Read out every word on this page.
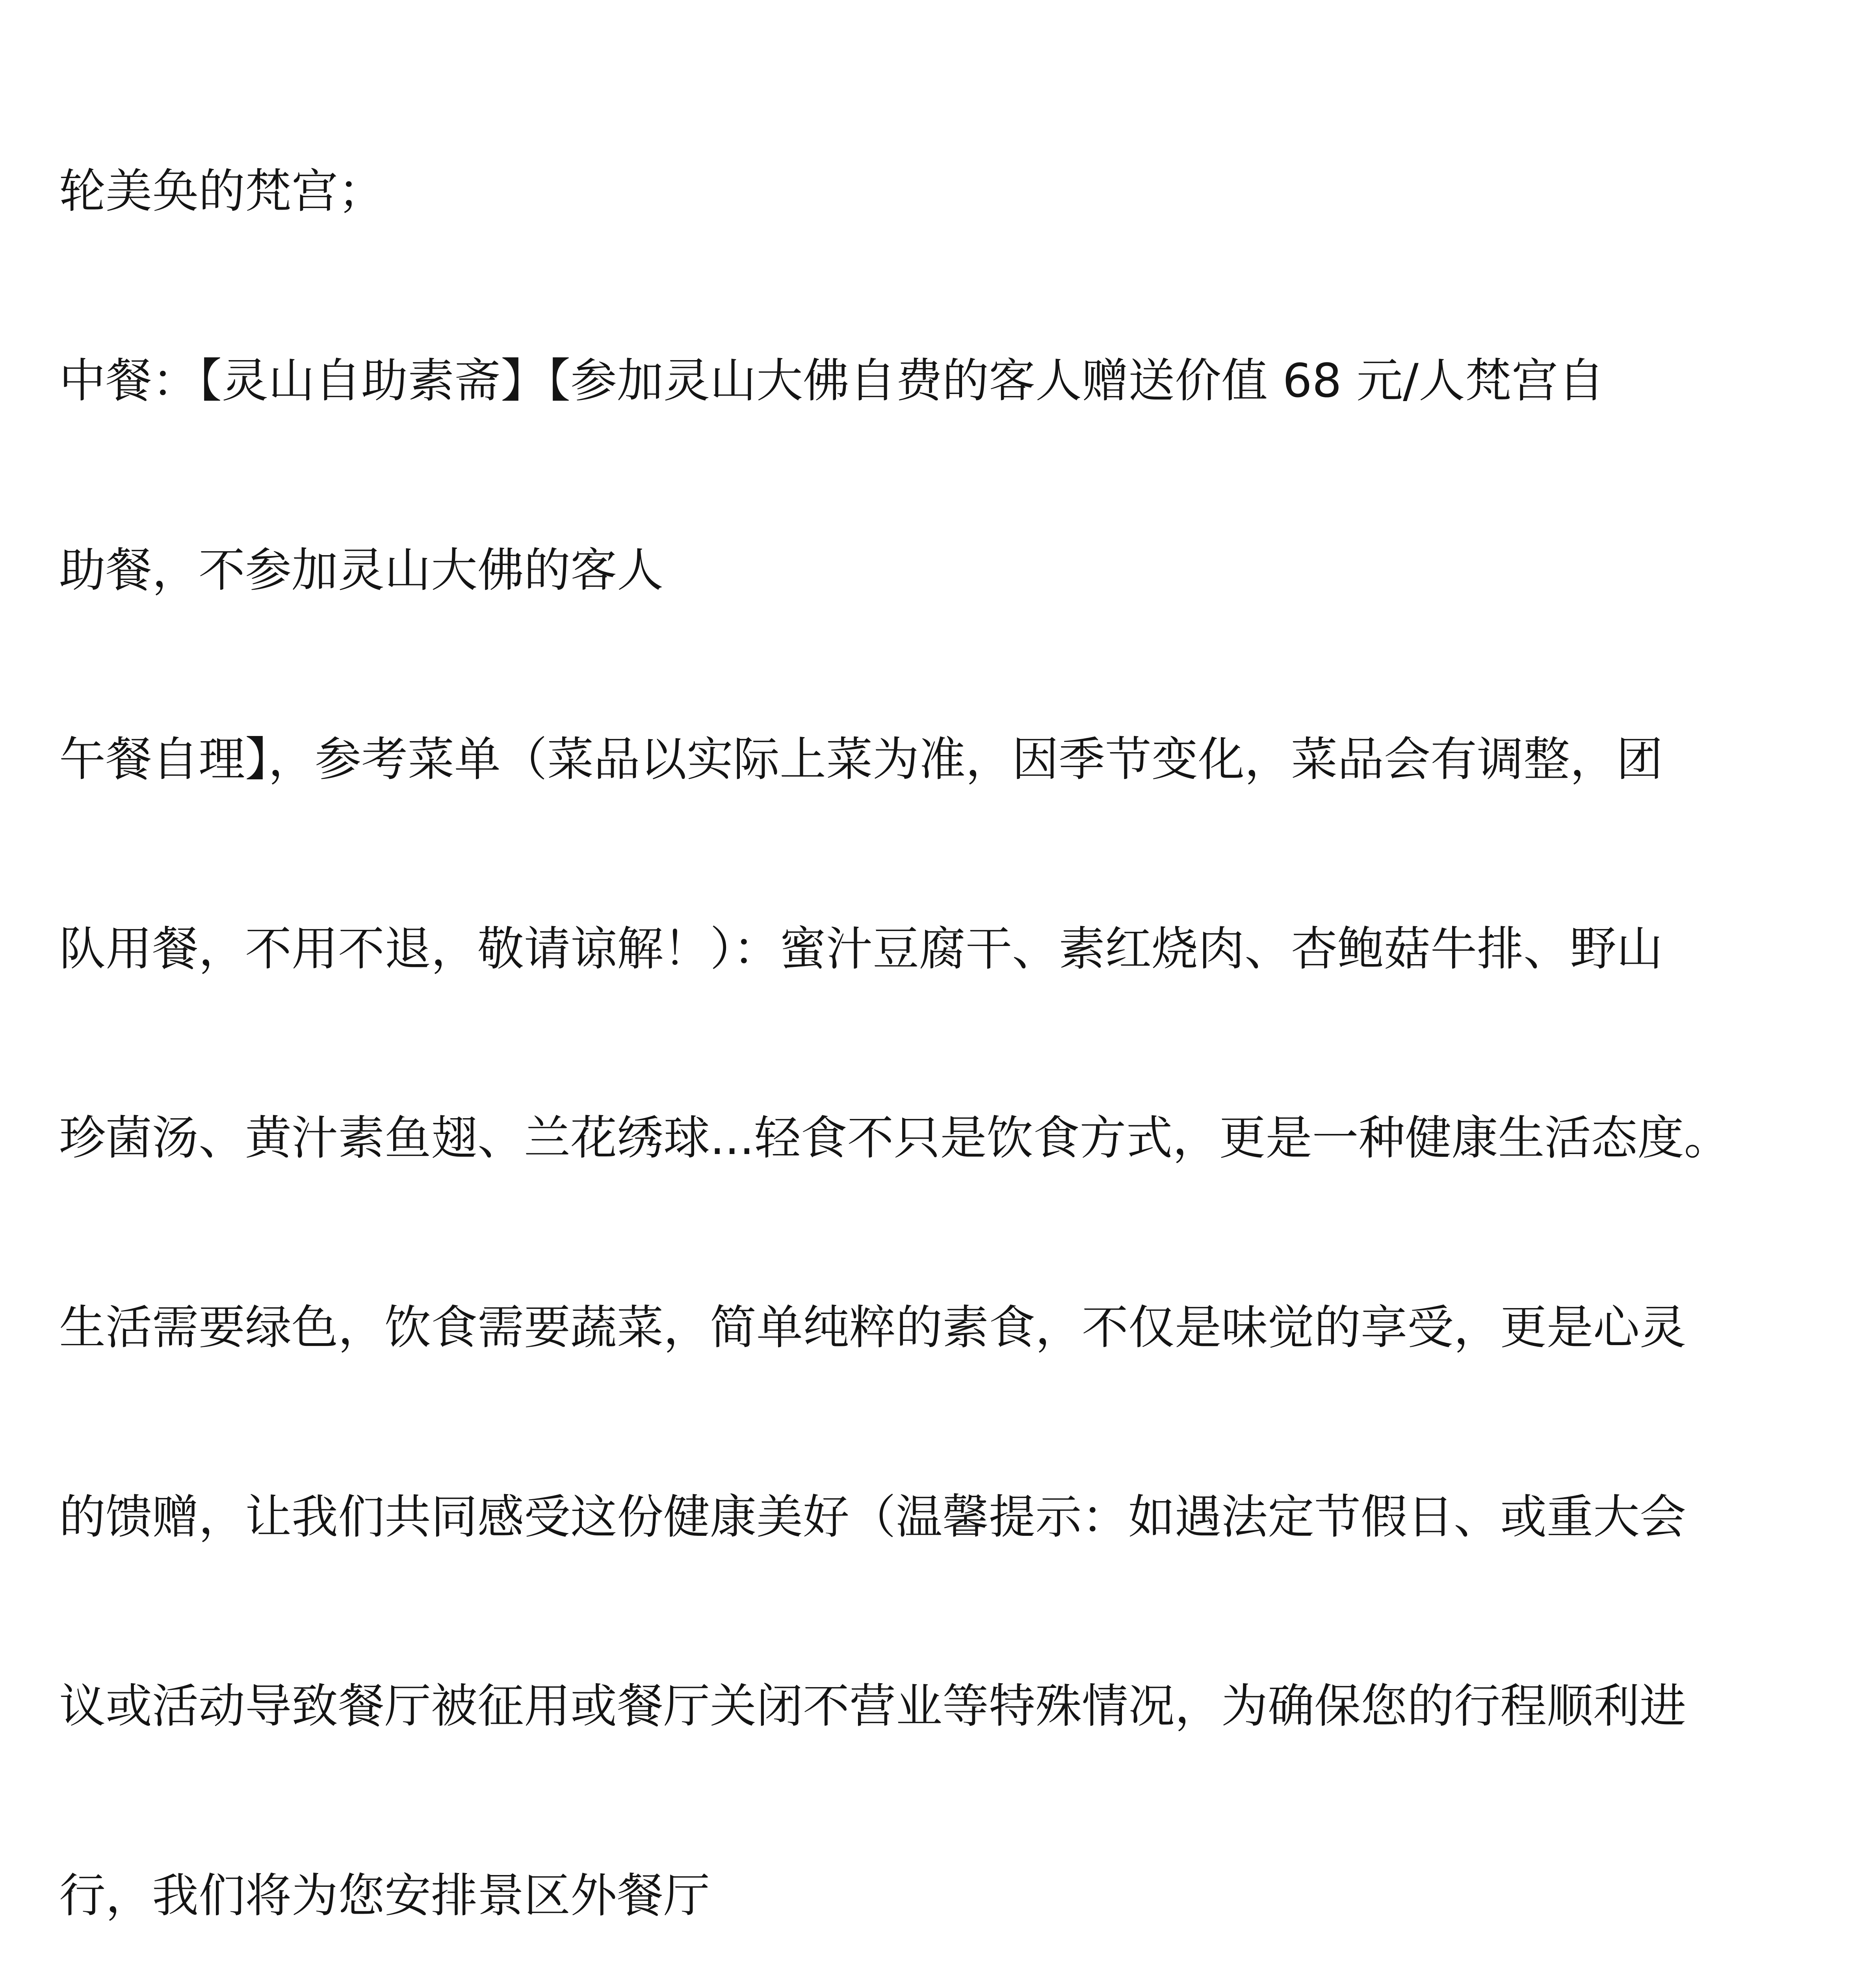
轮美奂的梵宫；

中餐：【灵山自助素斋】【参加灵山大佛自费的客人赠送价值 68 元/人梵宫自

助餐，不参加灵山大佛的客人

午餐自理】，参考菜单（菜品以实际上菜为准，因季节变化，菜品会有调整，团

队用餐，不用不退，敬请谅解！）：蜜汁豆腐干、素红烧肉、杏鲍菇牛排、野山

珍菌汤、黄汁素鱼翅、兰花绣球...轻食不只是饮食方式，更是一种健康生活态度。

生活需要绿色，饮食需要蔬菜，简单纯粹的素食，不仅是味觉的享受，更是心灵

的馈赠，让我们共同感受这份健康美好（温馨提示：如遇法定节假日、或重大会

议或活动导致餐厅被征用或餐厅关闭不营业等特殊情况，为确保您的行程顺利进

行，我们将为您安排景区外餐厅
